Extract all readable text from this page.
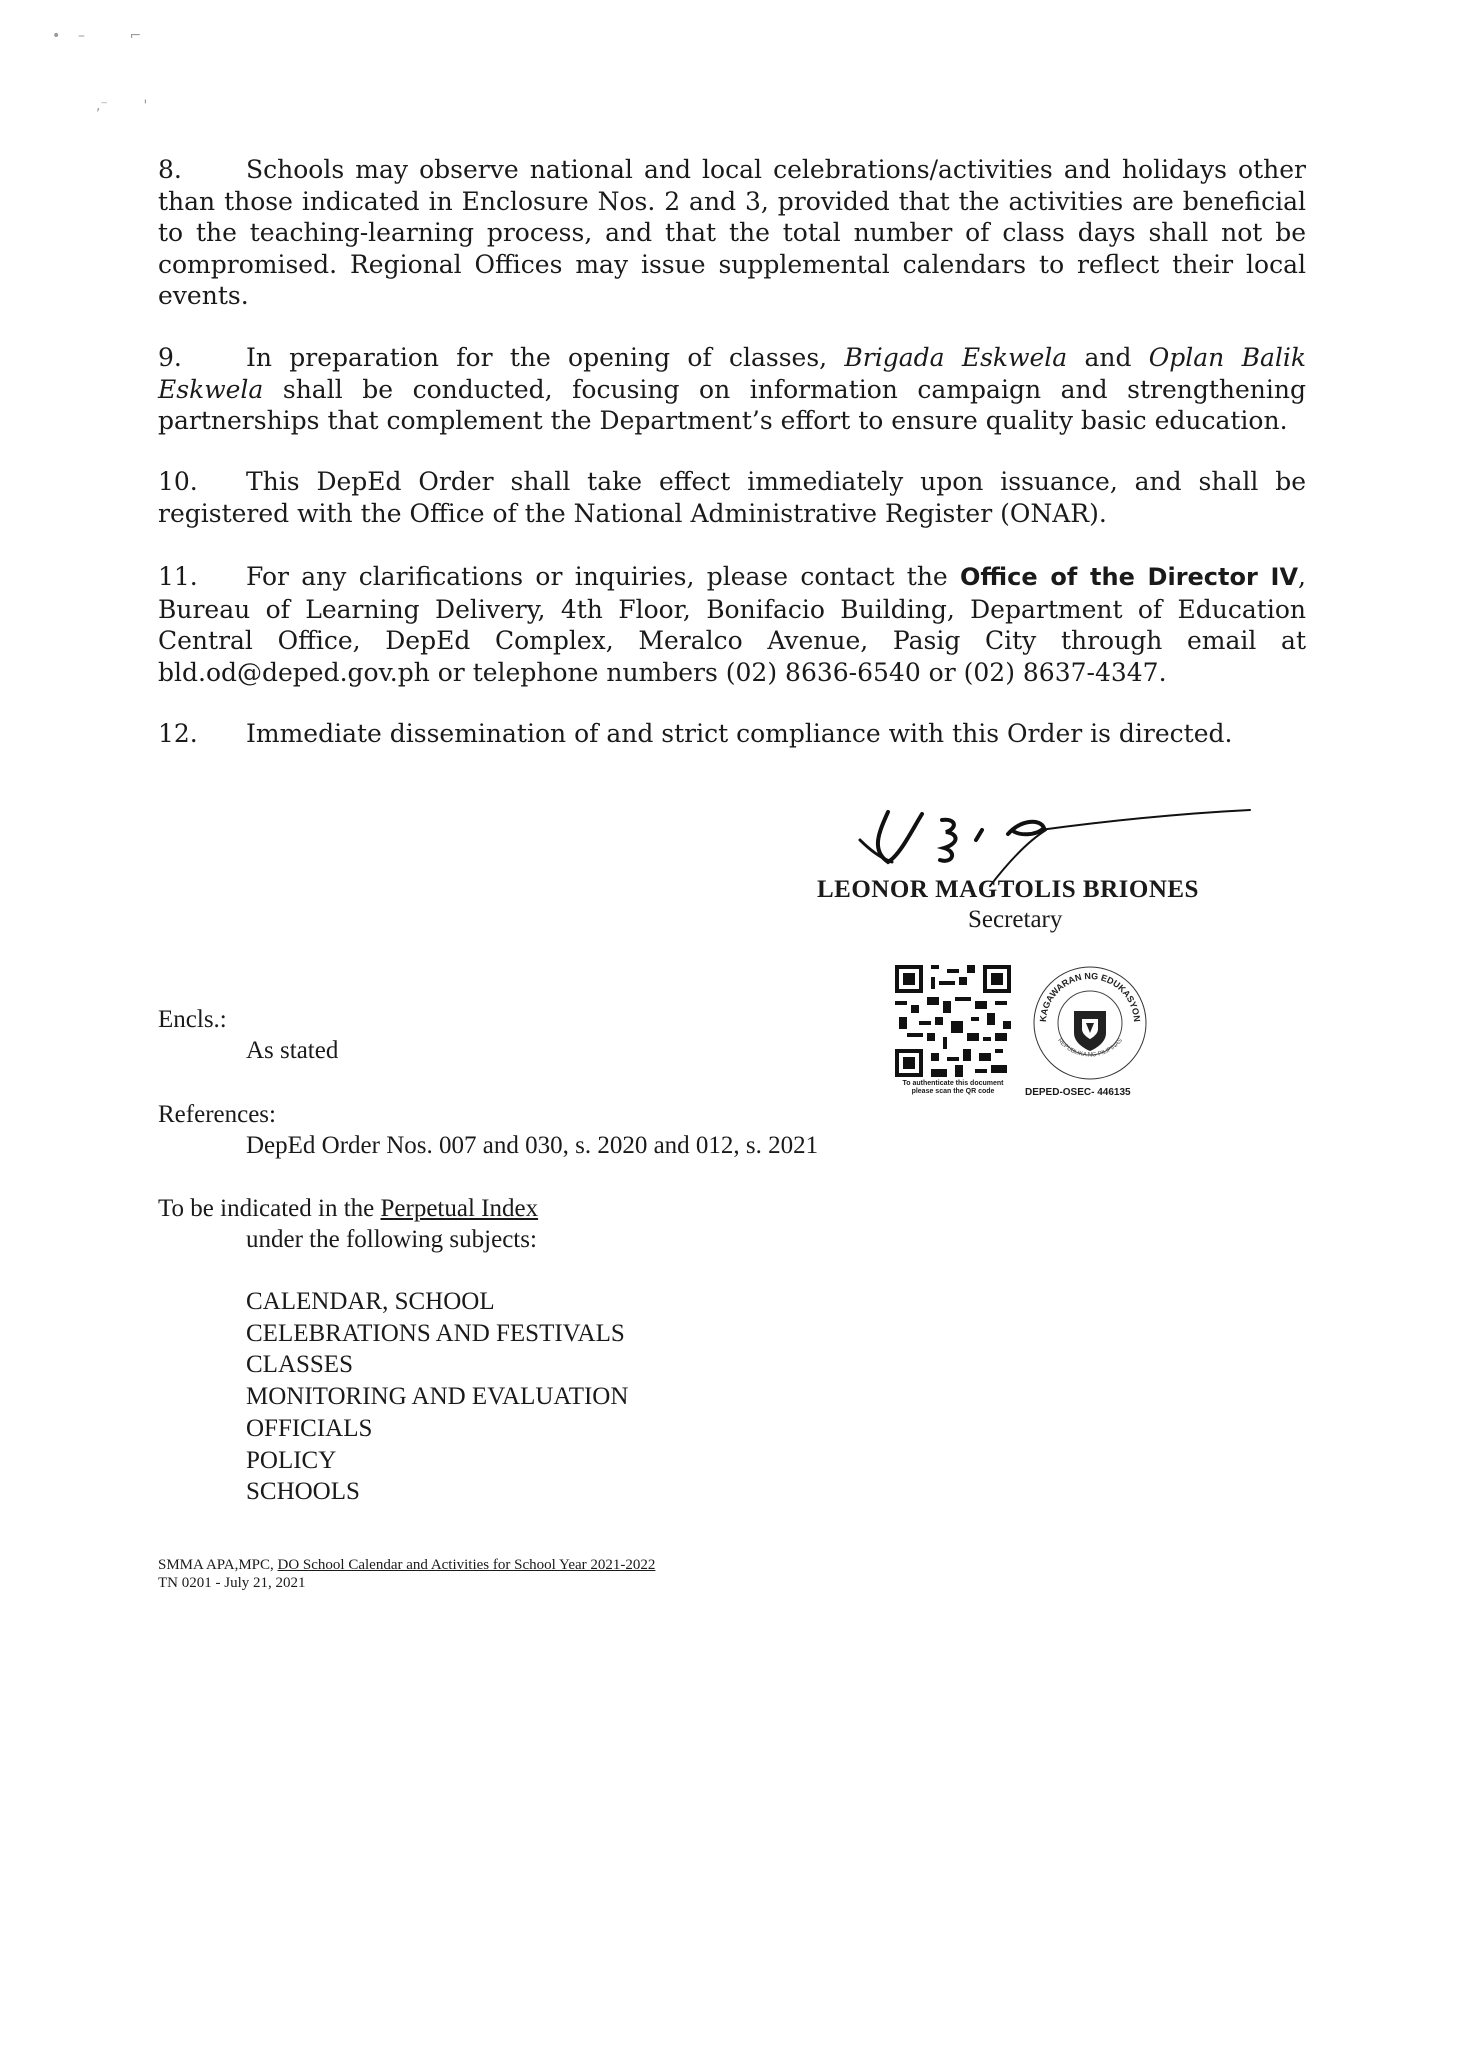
•    –          ⌐
,⁻        '

8.	Schools may observe national and local celebrations/activities and holidays other than those indicated in Enclosure Nos. 2 and 3, provided that the activities are beneficial to the teaching-learning process, and that the total number of class days shall not be compromised. Regional Offices may issue supplemental calendars to reflect their local events.

9.	In preparation for the opening of classes, Brigada Eskwela and Oplan Balik Eskwela shall be conducted, focusing on information campaign and strengthening partnerships that complement the Department’s effort to ensure quality basic education.

10. This DepEd Order shall take effect immediately upon issuance, and shall be registered with the Office of the National Administrative Register (ONAR).

11. For any clarifications or inquiries, please contact the Office of the Director IV, Bureau of Learning Delivery, 4th Floor, Bonifacio Building, Department of Education Central Office, DepEd Complex, Meralco Avenue, Pasig City through email at bld.od@deped.gov.ph or telephone numbers (02) 8636-6540 or (02) 8637-4347.

12. Immediate dissemination of and strict compliance with this Order is directed.

LEONOR MAGTOLIS BRIONES
Secretary
To authenticate this document
please scan the QR code
KAGAWARAN NG EDUKASYON
REPUBLIKA NG PILIPINAS
DEPED-OSEC- 446135
Encls.:
As stated
References:
DepEd Order Nos. 007 and 030, s. 2020 and 012, s. 2021
To be indicated in the Perpetual Index
under the following subjects:
CALENDAR, SCHOOL
CELEBRATIONS AND FESTIVALS
CLASSES
MONITORING AND EVALUATION
OFFICIALS
POLICY
SCHOOLS
SMMA APA,MPC, DO School Calendar and Activities for School Year 2021-2022
TN 0201 - July 21, 2021
